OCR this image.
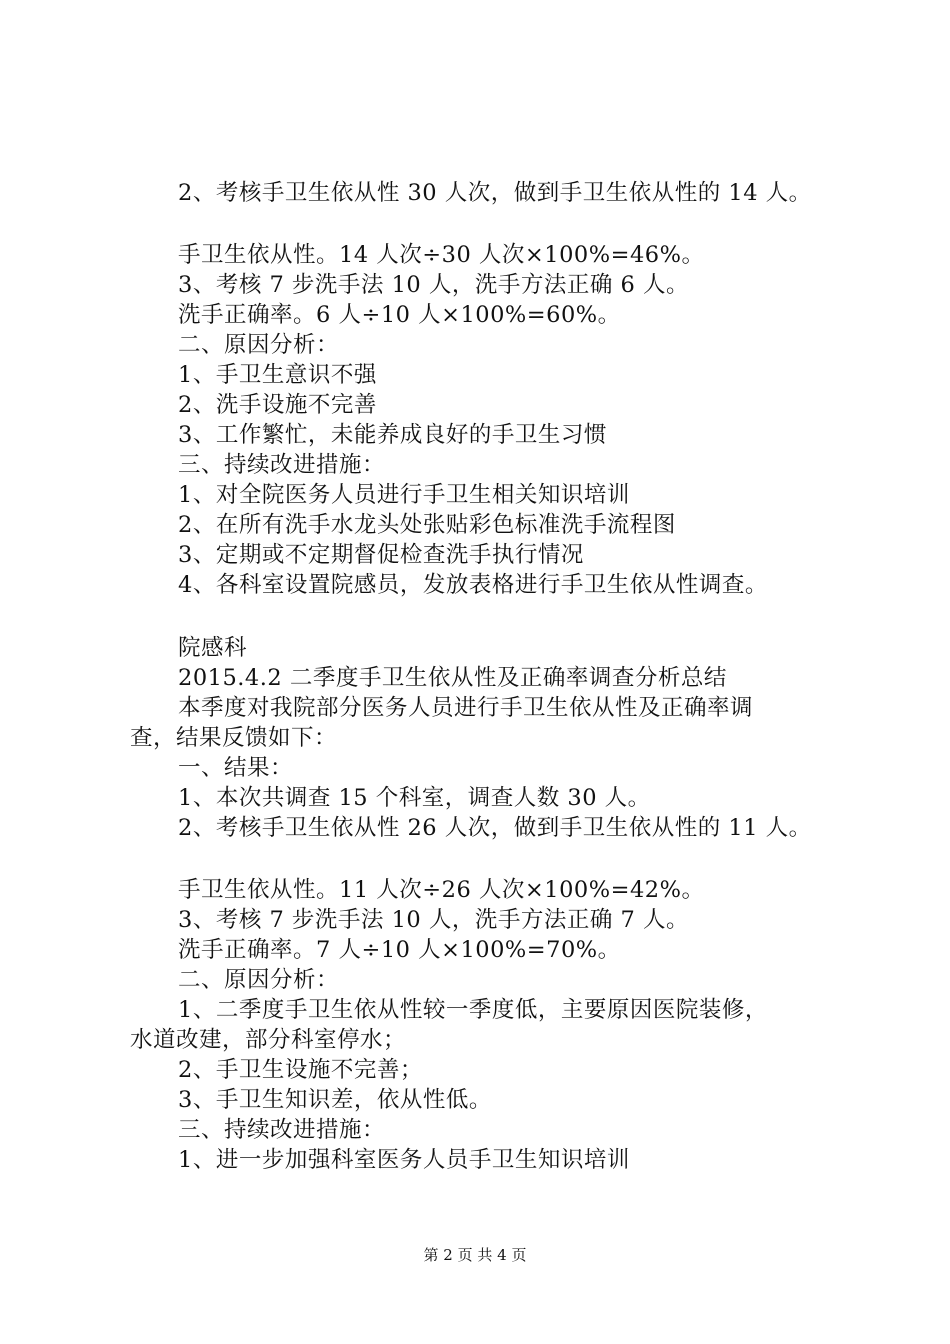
2、考核手卫生依从性 30 人次，做到手卫生依从性的 14 人。
手卫生依从性。14 人次÷30 人次×100%=46%。
3、考核 7 步洗手法 10 人，洗手方法正确 6 人。
洗手正确率。6 人÷10 人×100%=60%。
二、原因分析：
1、手卫生意识不强
2、洗手设施不完善
3、工作繁忙，未能养成良好的手卫生习惯
三、持续改进措施：
1、对全院医务人员进行手卫生相关知识培训
2、在所有洗手水龙头处张贴彩色标准洗手流程图
3、定期或不定期督促检查洗手执行情况
4、各科室设置院感员，发放表格进行手卫生依从性调查。
院感科
2015.4.2 二季度手卫生依从性及正确率调查分析总结
本季度对我院部分医务人员进行手卫生依从性及正确率调
查，结果反馈如下：
一、结果：
1、本次共调查 15 个科室，调查人数 30 人。
2、考核手卫生依从性 26 人次，做到手卫生依从性的 11 人。
手卫生依从性。11 人次÷26 人次×100%=42%。
3、考核 7 步洗手法 10 人，洗手方法正确 7 人。
洗手正确率。7 人÷10 人×100%=70%。
二、原因分析：
1、二季度手卫生依从性较一季度低，主要原因医院装修，
水道改建，部分科室停水；
2、手卫生设施不完善；
3、手卫生知识差，依从性低。
三、持续改进措施：
1、进一步加强科室医务人员手卫生知识培训
第 2 页 共 4 页
